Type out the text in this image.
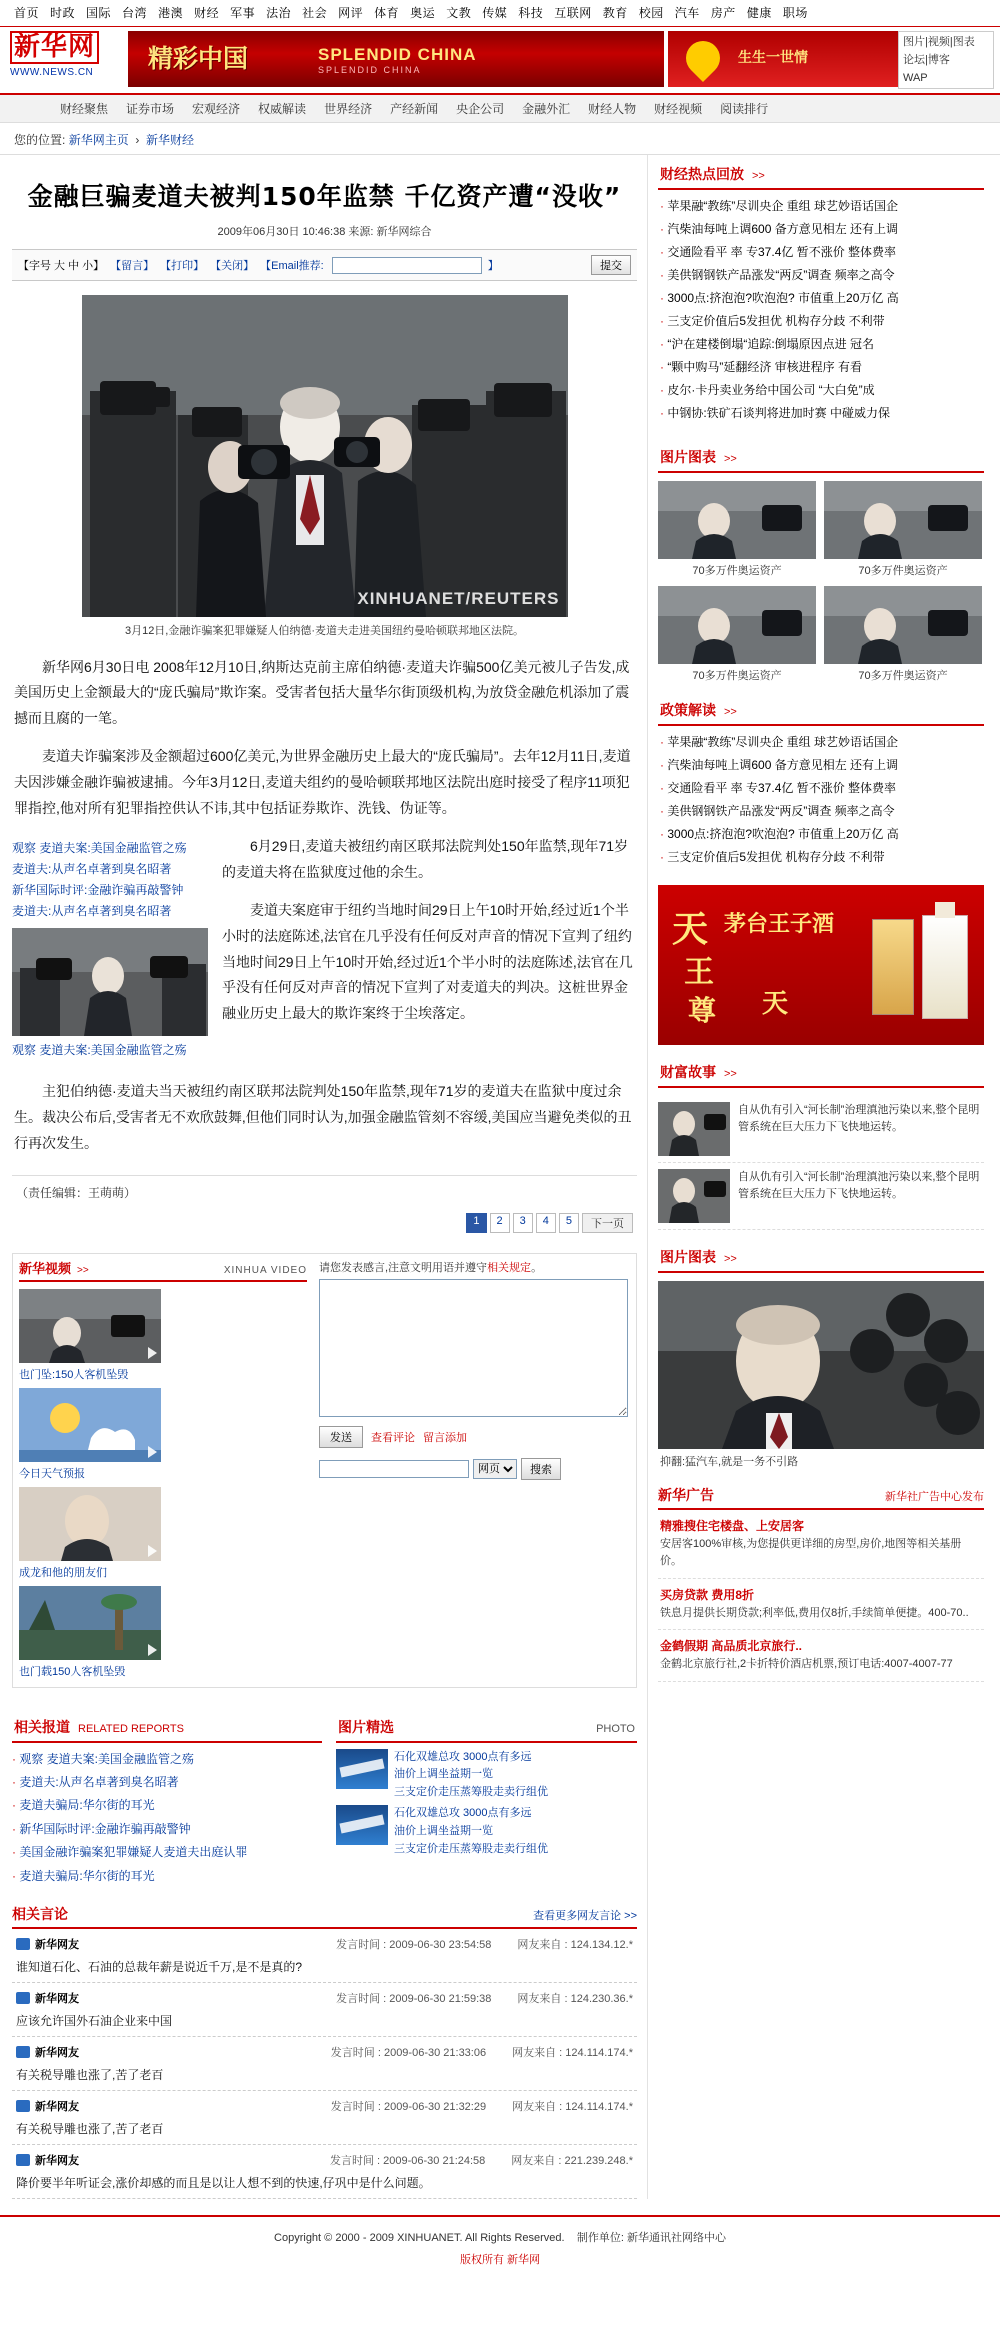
首页 时政 国际 台湾 港澳 财经 军事 法治 社会 网评 体育 奥运 文教 传媒 科技 互联网 教育 校园 汽车 房产 健康 职场
新华网
WWW.NEWS.CN	精彩中国	SPLENDID CHINA
SPLENDID CHINA
生生一世情
图片|视频|图表
论坛|博客
WAP
财经聚焦 证券市场 宏观经济 权威解读 世界经济 产经新闻 央企公司 金融外汇 财经人物 财经视频 阅读排行
您的位置: 新华网主页  ›  新华财经
金融巨骗麦道夫被判150年监禁 千亿资产遭“没收”
2009年06月30日 10:46:38 来源: 新华网综合
【字号 大 中 小】 【留言】 【打印】 【关闭】 【Email推荐:	】	提交
XINHUANET/REUTERS
3月12日,金融诈骗案犯罪嫌疑人伯纳德·麦道夫走进美国纽约曼哈顿联邦地区法院。

新华网6月30日电 2008年12月10日,纳斯达克前主席伯纳德·麦道夫诈骗500亿美元被儿子告发,成美国历史上金额最大的“庞氏骗局”欺诈案。受害者包括大量华尔街顶级机构,为放贷金融危机添加了震撼而且腐的一笔。

麦道夫诈骗案涉及金额超过600亿美元,为世界金融历史上最大的“庞氏骗局”。去年12月11日,麦道夫因涉嫌金融诈骗被逮捕。今年3月12日,麦道夫组约的曼哈顿联邦地区法院出庭时接受了程序11项犯罪指控,他对所有犯罪指控供认不讳,其中包括证券欺诈、洗钱、伪证等。

观察 麦道夫案:美国金融监管之殇
麦道夫:从声名卓著到臭名昭著
新华国际时评:金融诈骗再敲警钟
麦道夫:从声名卓著到臭名昭著
观察 麦道夫案:美国金融监管之殇

6月29日,麦道夫被纽约南区联邦法院判处150年监禁,现年71岁的麦道夫将在监狱度过他的余生。

麦道夫案庭审于纽约当地时间29日上午10时开始,经过近1个半小时的法庭陈述,法官在几乎没有任何反对声音的情况下宣判了纽约当地时间29日上午10时开始,经过近1个半小时的法庭陈述,法官在几乎没有任何反对声音的情况下宣判了对麦道夫的判决。这桩世界金融业历史上最大的欺诈案终于尘埃落定。

主犯伯纳德·麦道夫当天被纽约南区联邦法院判处150年监禁,现年71岁的麦道夫在监狱中度过余生。裁决公布后,受害者无不欢欣鼓舞,但他们同时认为,加强金融监管刻不容缓,美国应当避免类似的丑行再次发生。

（责任编辑：王萌萌）
1	2	3	4	5	下一页
新华视频 >>	XINHUA VIDEO
也门坠:150人客机坠毁
今日天气预报
成龙和他的朋友们
也门载150人客机坠毁
请您发表感言,注意文明用语并遵守相关规定。
发送	查看评论 留言添加
网页
搜索
相关报道 RELATED REPORTS
· 观察 麦道夫案:美国金融监管之殇
· 麦道夫:从声名卓著到臭名昭著
· 麦道夫骗局:华尔街的耳光
· 新华国际时评:金融诈骗再敲警钟
· 美国金融诈骗案犯罪嫌疑人麦道夫出庭认罪
· 麦道夫骗局:华尔街的耳光
图片精选	PHOTO
石化双雄总攻 3000点有多远
油价上调坐益期一览
三支定价走压蒸筹股走卖行组优
石化双雄总攻 3000点有多远
油价上调坐益期一览
三支定价走压蒸筹股走卖行组优
相关言论	查看更多网友言论 >>
新华网友	发言时间 : 2009-06-30 23:54:58 网友来自 : 124.134.12.*
谁知道石化、石油的总裁年薪是说近千万,是不是真的?
新华网友	发言时间 : 2009-06-30 21:59:38 网友来自 : 124.230.36.*
应该允许国外石油企业来中国
新华网友	发言时间 : 2009-06-30 21:33:06 网友来自 : 124.114.174.*
有关税导雕也涨了,苦了老百
新华网友	发言时间 : 2009-06-30 21:32:29 网友来自 : 124.114.174.*
有关税导雕也涨了,苦了老百
新华网友	发言时间 : 2009-06-30 21:24:58 网友来自 : 221.239.248.*
降价要半年听证会,涨价却感的而且是以让人想不到的快速,仔巩中是什么问题。
财经热点回放 >>
· 苹果融“教练”尽训央企 重组 球艺妙语话国企
· 汽柴油每吨上调600 备方意见相左 还有上调
· 交通险看平 率 专37.4亿 暂不涨价 整体费率
· 美供钢钢铁产品涨发“两反”调查 频率之高令
· 3000点:挤泡泡?吹泡泡? 市值重上20万亿 高
· 三支定价值后5发担优 机构存分歧 不利带
· “沪在建楼倒塌“追踪:倒塌原因点进 冠名
· “颗中购马”延翻经济 审核进程序 有看
· 皮尔·卡丹卖业务给中国公司 “大白免”成
· 中钢协:铁矿石谈判将进加时赛 中碰威力保
图片图表 >>
70多万件奥运资产	70多万件奥运资产
70多万件奥运资产	70多万件奥运资产
政策解读 >>
· 苹果融“教练”尽训央企 重组 球艺妙语话国企
· 汽柴油每吨上调600 备方意见相左 还有上调
· 交通险看平 率 专37.4亿 暂不涨价 整体费率
· 美供钢钢铁产品涨发“两反”调查 频率之高令
· 3000点:挤泡泡?吹泡泡? 市值重上20万亿 高
· 三支定价值后5发担优 机构存分歧 不利带
天
王
茅台王子酒
尊 天
财富故事 >>
自从仇有引入“河长制”治理滇池污染以来,整个昆明管系统在巨大压力下飞快地运转。
自从仇有引入“河长制”治理滇池污染以来,整个昆明管系统在巨大压力下飞快地运转。
图片图表 >>
抑翻:猛汽车,就是一务不引路
新华广告	新华社广告中心发布
精雅搜住宅楼盘、上安居客
安居客100%审核,为您提供更详细的房型,房价,地图等相关基册价。
买房贷款 费用8折
铁息月提供长期贷款;利率低,费用仅8折,手续简单便捷。400-70..
金鹤假期 高品质北京旅行..
金鹤北京旅行社,2卡折特价酒店机票,预订电话:4007-4007-77
Copyright © 2000 - 2009 XINHUANET. All Rights Reserved. 制作单位: 新华通讯社网络中心
版权所有 新华网
